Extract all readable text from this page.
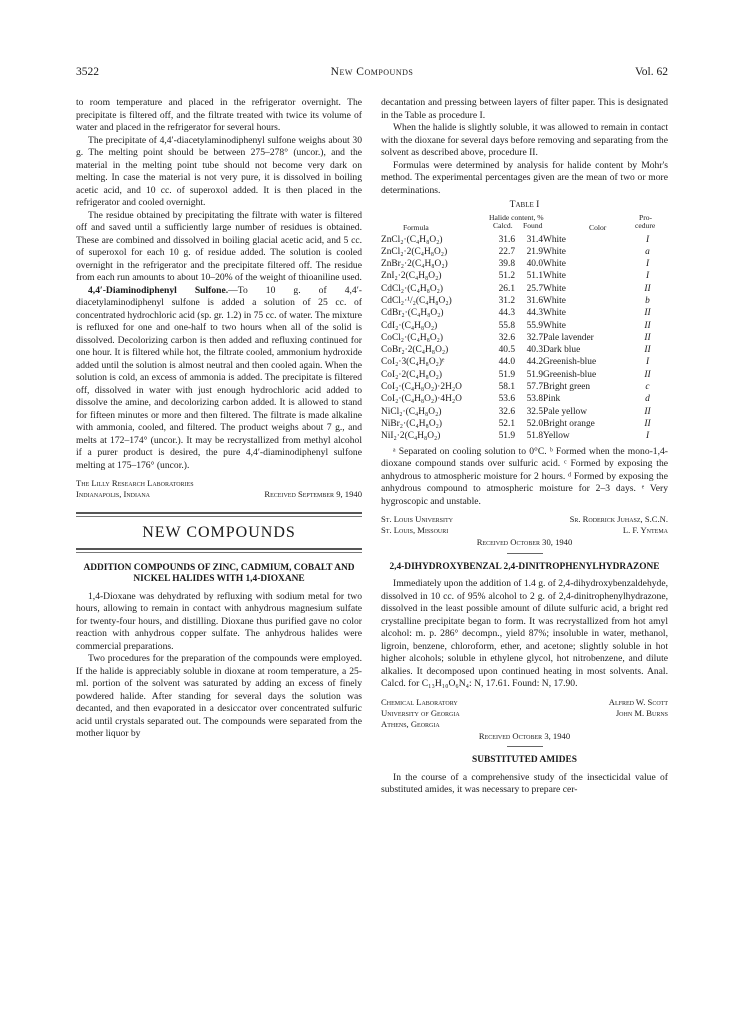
3522	New Compounds	Vol. 62

to room temperature and placed in the refrigerator overnight. The precipitate is filtered off, and the filtrate treated with twice its volume of water and placed in the refrigerator for several hours.

The precipitate of 4,4′-diacetylaminodiphenyl sulfone weighs about 30 g. The melting point should be between 275–278° (uncor.), and the material in the melting point tube should not become very dark on melting. In case the material is not very pure, it is dissolved in boiling acetic acid, and 10 cc. of superoxol added. It is then placed in the refrigerator and cooled overnight.

The residue obtained by precipitating the filtrate with water is filtered off and saved until a sufficiently large number of residues is obtained. These are combined and dissolved in boiling glacial acetic acid, and 5 cc. of superoxol for each 10 g. of residue added. The solution is cooled overnight in the refrigerator and the precipitate filtered off. The residue from each run amounts to about 10–20% of the weight of thioaniline used.

4,4′-Diaminodiphenyl Sulfone.—To 10 g. of 4,4′-diacetylaminodiphenyl sulfone is added a solution of 25 cc. of concentrated hydrochloric acid (sp. gr. 1.2) in 75 cc. of water. The mixture is refluxed for one and one-half to two hours when all of the solid is dissolved. Decolorizing carbon is then added and refluxing continued for one hour. It is filtered while hot, the filtrate cooled, ammonium hydroxide added until the solution is almost neutral and then cooled again. When the solution is cold, an excess of ammonia is added. The precipitate is filtered off, dissolved in water with just enough hydrochloric acid added to dissolve the amine, and decolorizing carbon added. It is allowed to stand for fifteen minutes or more and then filtered. The filtrate is made alkaline with ammonia, cooled, and filtered. The product weighs about 7 g., and melts at 172–174° (uncor.). It may be recrystallized from methyl alcohol if a purer product is desired, the pure 4,4′-diaminodiphenyl sulfone melting at 175–176° (uncor.).

The Lilly Research Laboratories
Indianapolis, Indiana	Received September 9, 1940
NEW COMPOUNDS
ADDITION COMPOUNDS OF ZINC, CADMIUM, COBALT AND NICKEL HALIDES WITH 1,4-DIOXANE

1,4-Dioxane was dehydrated by refluxing with sodium metal for two hours, allowing to remain in contact with anhydrous magnesium sulfate for twenty-four hours, and distilling. Dioxane thus purified gave no color reaction with anhydrous copper sulfate. The anhydrous halides were commercial preparations.

Two procedures for the preparation of the compounds were employed. If the halide is appreciably soluble in dioxane at room temperature, a 25-ml. portion of the solvent was saturated by adding an excess of finely powdered halide. After standing for several days the solution was decanted, and then evaporated in a desiccator over concentrated sulfuric acid until crystals separated out. The compounds were separated from the mother liquor by

decantation and pressing between layers of filter paper. This is designated in the Table as procedure I.

When the halide is slightly soluble, it was allowed to remain in contact with the dioxane for several days before removing and separating from the solvent as described above, procedure II.

Formulas were determined by analysis for halide content by Mohr's method. The experimental percentages given are the mean of two or more determinations.

Table I
Formula
Halide content, %
Calcd. Found	Color
Pro-
cedure
ZnCl₂·(C₄H₈O₂)	31.6	31.4	White	I
ZnCl₂·2(C₄H₈O₂)	22.7	21.9	White	a
ZnBr₂·2(C₄H₈O₂)	39.8	40.0	White	I
ZnI₂·2(C₄H₈O₂)	51.2	51.1	White	I
CdCl₂·(C₄H₈O₂)	26.1	25.7	White	II
CdCl₂·¹/₂(C₄H₈O₂)	31.2	31.6	White	b
CdBr₂·(C₄H₈O₂)	44.3	44.3	White	II
CdI₂·(C₄H₈O₂)	55.8	55.9	White	II
CoCl₂·(C₄H₈O₂)	32.6	32.7	Pale lavender	II
CoBr₂·2(C₄H₈O₂)	40.5	40.3	Dark blue	II
CoI₂·3(C₄H₈O₂)ᵉ	44.0	44.2	Greenish-blue	I
CoI₂·2(C₄H₈O₂)	51.9	51.9	Greenish-blue	II
CoI₂·(C₄H₈O₂)·2H₂O	58.1	57.7	Bright green	c
CoI₂·(C₄H₈O₂)·4H₂O	53.6	53.8	Pink	d
NiCl₂·(C₄H₈O₂)	32.6	32.5	Pale yellow	II
NiBr₂·(C₄H₈O₂)	52.1	52.0	Bright orange	II
NiI₂·2(C₄H₈O₂)	51.9	51.8	Yellow	I

ᵃ Separated on cooling solution to 0°C. ᵇ Formed when the mono-1,4-dioxane compound stands over sulfuric acid. ᶜ Formed by exposing the anhydrous to atmospheric moisture for 2 hours. ᵈ Formed by exposing the anhydrous compound to atmospheric moisture for 2–3 days. ᵉ Very hygroscopic and unstable.

St. Louis University	Sr. Roderick Juhasz, S.C.N.
St. Louis, Missouri	L. F. Yntema
Received October 30, 1940
2,4-DIHYDROXYBENZAL 2,4-DINITROPHENYLHYDRAZONE

Immediately upon the addition of 1.4 g. of 2,4-dihydroxybenzaldehyde, dissolved in 10 cc. of 95% alcohol to 2 g. of 2,4-dinitrophenylhydrazone, dissolved in the least possible amount of dilute sulfuric acid, a bright red crystalline precipitate began to form. It was recrystallized from hot amyl alcohol: m. p. 286° decompn., yield 87%; insoluble in water, methanol, ligroin, benzene, chloroform, ether, and acetone; slightly soluble in hot higher alcohols; soluble in ethylene glycol, hot nitrobenzene, and dilute alkalies. It decomposed upon continued heating in most solvents. Anal. Calcd. for C₁₃H₁₀O₆N₄: N, 17.61. Found: N, 17.90.

Chemical Laboratory	Alfred W. Scott
University of Georgia	John M. Burns
Athens, Georgia
Received October 3, 1940
SUBSTITUTED AMIDES

In the course of a comprehensive study of the insecticidal value of substituted amides, it was necessary to prepare cer-
